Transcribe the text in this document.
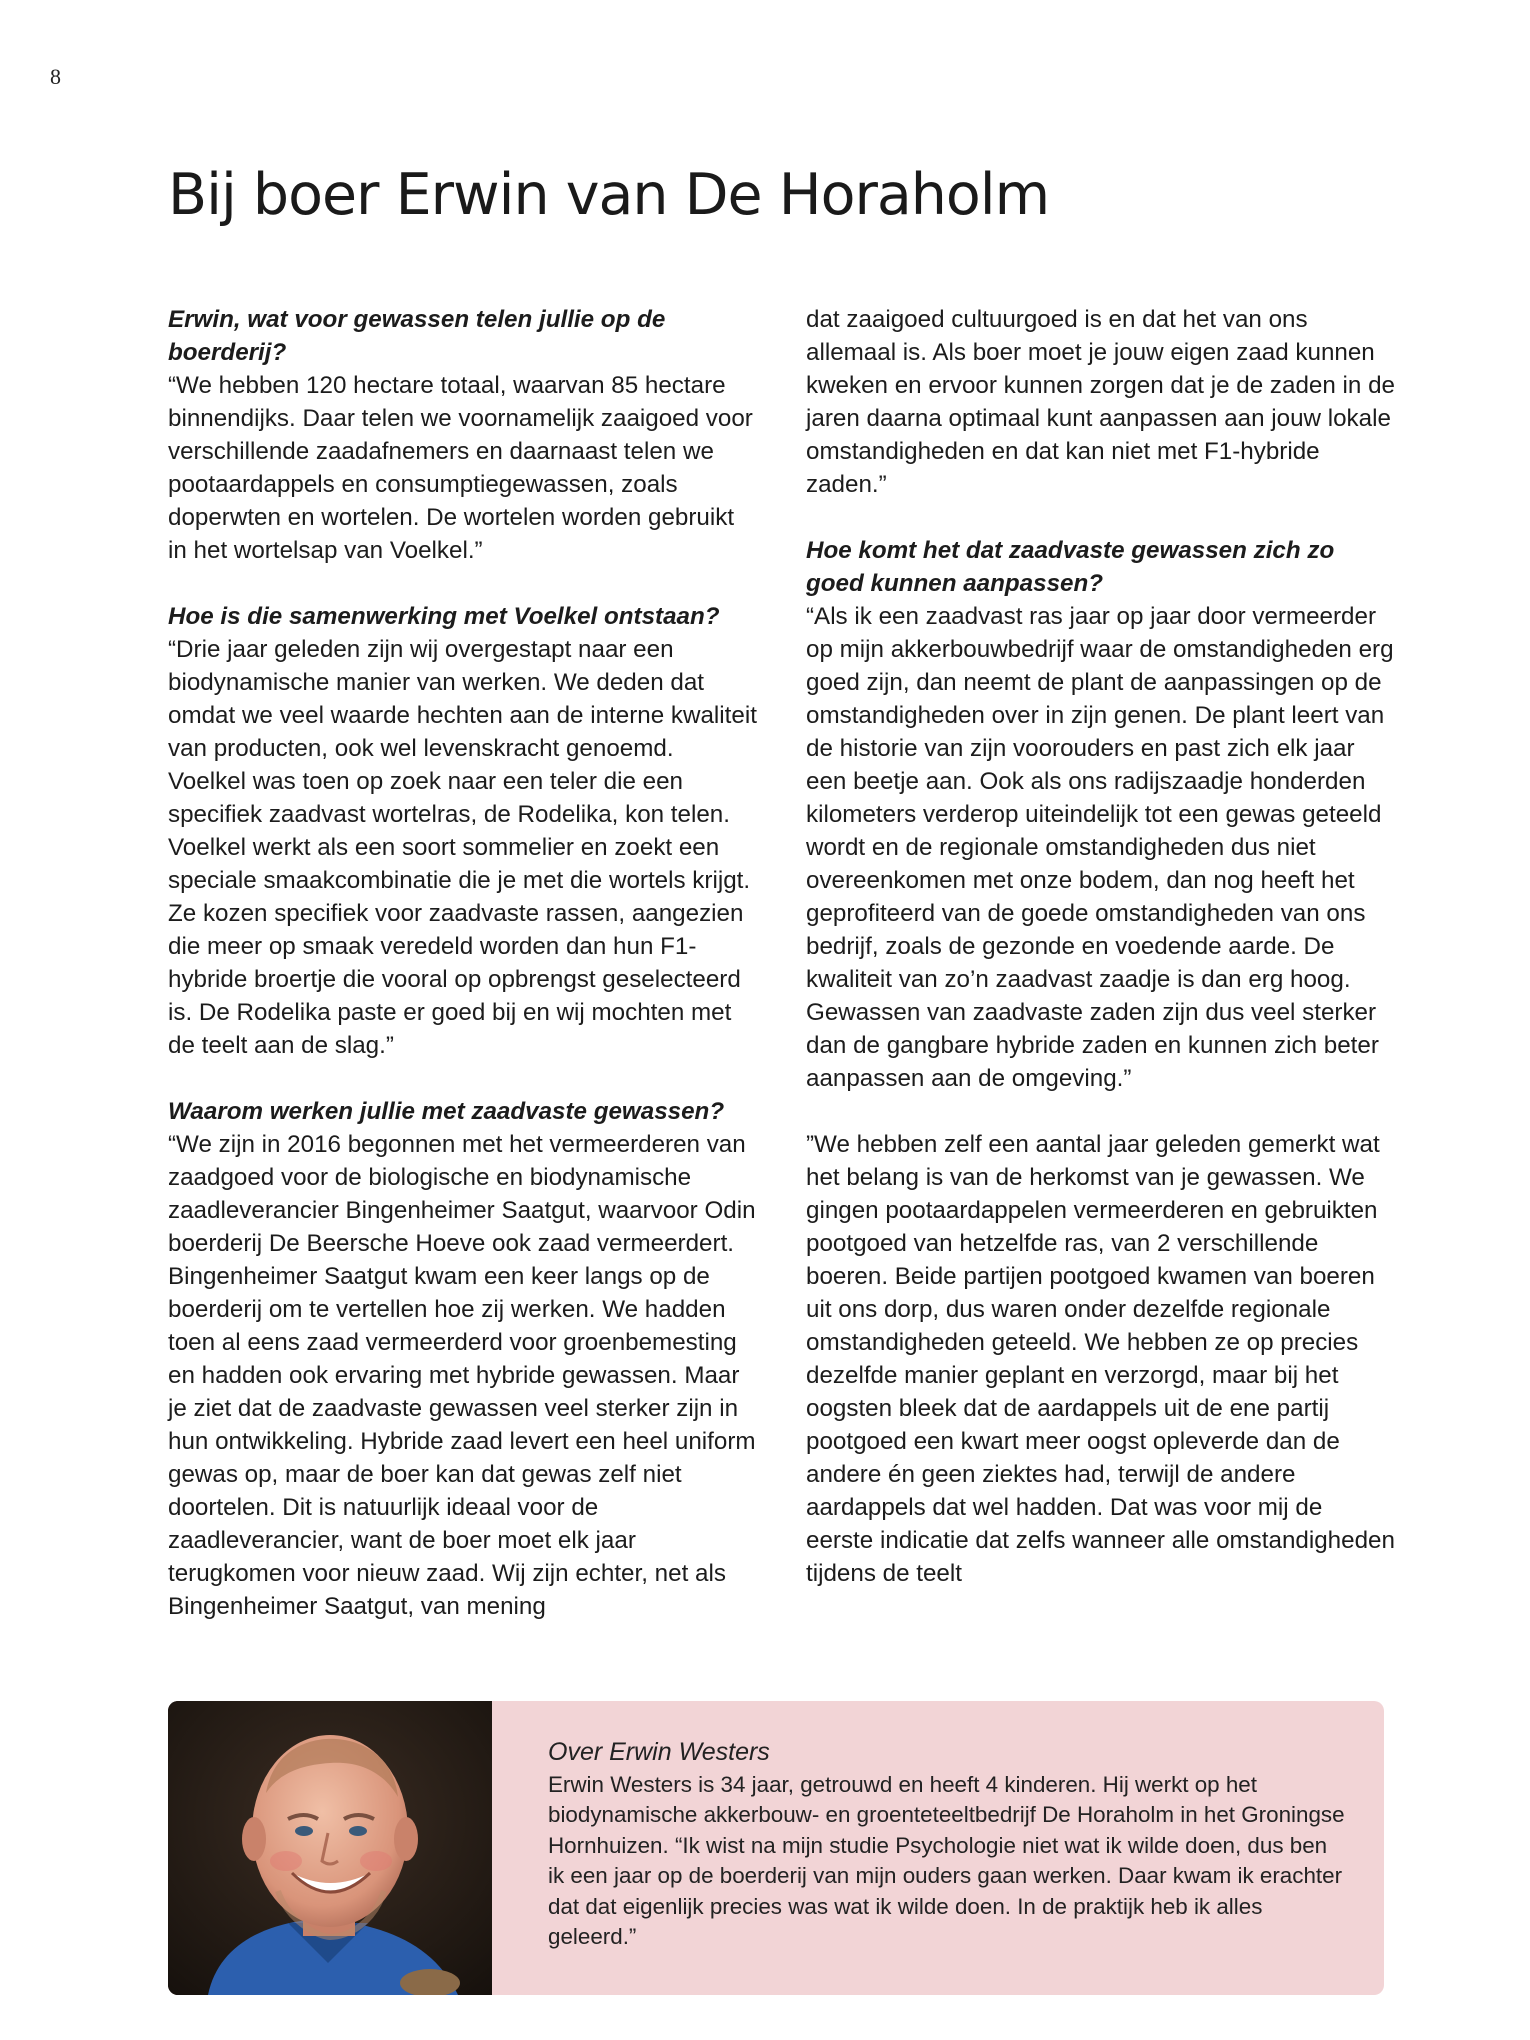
8
Bij boer Erwin van De Horaholm

Erwin, wat voor gewassen telen jullie op de boerderij?

“We hebben 120 hectare totaal, waarvan 85 hectare binnendijks. Daar telen we voornamelijk zaaigoed voor verschillende zaadafnemers en daarnaast telen we pootaardappels en consumptiegewassen, zoals doperwten en wortelen. De wortelen worden gebruikt in het wortelsap van Voelkel.”

Hoe is die samenwerking met Voelkel ontstaan?

“Drie jaar geleden zijn wij overgestapt naar een biodynamische manier van werken. We deden dat omdat we veel waarde hechten aan de interne kwaliteit van producten, ook wel levenskracht genoemd. Voelkel was toen op zoek naar een teler die een specifiek zaadvast wortelras, de Rodelika, kon telen. Voelkel werkt als een soort sommelier en zoekt een speciale smaakcombinatie die je met die wortels krijgt. Ze kozen specifiek voor zaadvaste rassen, aangezien die meer op smaak veredeld worden dan hun F1-hybride broertje die vooral op opbrengst geselecteerd is. De Rodelika paste er goed bij en wij mochten met de teelt aan de slag.”

Waarom werken jullie met zaadvaste gewassen?

“We zijn in 2016 begonnen met het vermeerderen van zaadgoed voor de biologische en biodynamische zaadleverancier Bingenheimer Saatgut, waarvoor Odin boerderij De Beersche Hoeve ook zaad vermeerdert. Bingenheimer Saatgut kwam een keer langs op de boerderij om te vertellen hoe zij werken. We hadden toen al eens zaad vermeerderd voor groenbemesting en hadden ook ervaring met hybride gewassen. Maar je ziet dat de zaadvaste gewassen veel sterker zijn in hun ontwikkeling. Hybride zaad levert een heel uniform gewas op, maar de boer kan dat gewas zelf niet doortelen. Dit is natuurlijk ideaal voor de zaadleverancier, want de boer moet elk jaar terugkomen voor nieuw zaad. Wij zijn echter, net als Bingenheimer Saatgut, van mening

dat zaaigoed cultuurgoed is en dat het van ons allemaal is. Als boer moet je jouw eigen zaad kunnen kweken en ervoor kunnen zorgen dat je de zaden in de jaren daarna optimaal kunt aanpassen aan jouw lokale omstandigheden en dat kan niet met F1-hybride zaden.”

Hoe komt het dat zaadvaste gewassen zich zo goed kunnen aanpassen?

“Als ik een zaadvast ras jaar op jaar door vermeerder op mijn akkerbouwbedrijf waar de omstandigheden erg goed zijn, dan neemt de plant de aanpassingen op de omstandigheden over in zijn genen. De plant leert van de historie van zijn voorouders en past zich elk jaar een beetje aan. Ook als ons radijszaadje honderden kilometers verderop uiteindelijk tot een gewas geteeld wordt en de regionale omstandigheden dus niet overeenkomen met onze bodem, dan nog heeft het geprofiteerd van de goede omstandigheden van ons bedrijf, zoals de gezonde en voedende aarde. De kwaliteit van zo’n zaadvast zaadje is dan erg hoog. Gewassen van zaadvaste zaden zijn dus veel sterker dan de gangbare hybride zaden en kunnen zich beter aanpassen aan de omgeving.”

”We hebben zelf een aantal jaar geleden gemerkt wat het belang is van de herkomst van je gewassen. We gingen pootaardappelen vermeerderen en gebruikten pootgoed van hetzelfde ras, van 2 verschillende boeren. Beide partijen pootgoed kwamen van boeren uit ons dorp, dus waren onder dezelfde regionale omstandigheden geteeld. We hebben ze op precies dezelfde manier geplant en verzorgd, maar bij het oogsten bleek dat de aardappels uit de ene partij pootgoed een kwart meer oogst opleverde dan de andere én geen ziektes had, terwijl de andere aardappels dat wel hadden. Dat was voor mij de eerste indicatie dat zelfs wanneer alle omstandigheden tijdens de teelt

Over Erwin Westers

Erwin Westers is 34 jaar, getrouwd en heeft 4 kinderen. Hij werkt op het biodynamische akkerbouw- en groenteteeltbedrijf De Horaholm in het Groningse Hornhuizen. “Ik wist na mijn studie Psychologie niet wat ik wilde doen, dus ben ik een jaar op de boerderij van mijn ouders gaan werken. Daar kwam ik erachter dat dat eigenlijk precies was wat ik wilde doen. In de praktijk heb ik alles geleerd.”
